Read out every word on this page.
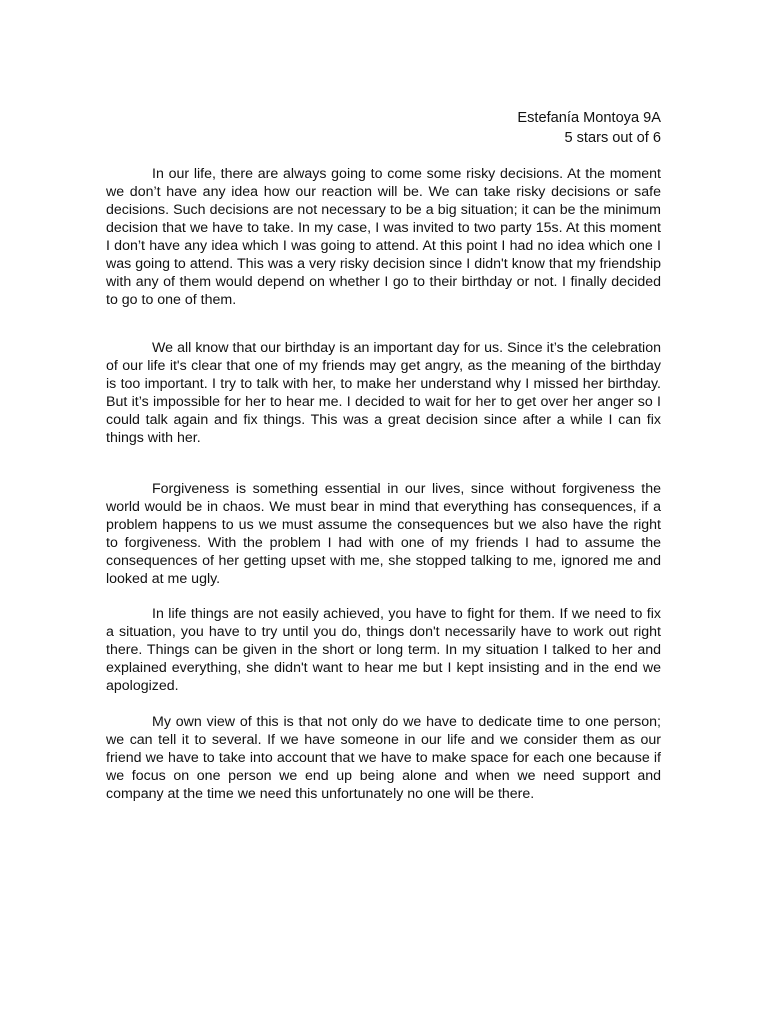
Estefanía Montoya 9A
5 stars out of 6

In our life, there are always going to come some risky decisions. At the moment we don’t have any idea how our reaction will be. We can take risky decisions or safe decisions. Such decisions are not necessary to be a big situation; it can be the minimum decision that we have to take. In my case, I was invited to two party 15s. At this moment I don’t have any idea which I was going to attend. At this point I had no idea which one I was going to attend. This was a very risky decision since I didn't know that my friendship with any of them would depend on whether I go to their birthday or not. I finally decided to go to one of them.

We all know that our birthday is an important day for us. Since it’s the celebration of our life it's clear that one of my friends may get angry, as the meaning of the birthday is too important. I try to talk with her, to make her understand why I missed her birthday. But it’s impossible for her to hear me. I decided to wait for her to get over her anger so I could talk again and fix things. This was a great decision since after a while I can fix things with her.

Forgiveness is something essential in our lives, since without forgiveness the world would be in chaos. We must bear in mind that everything has consequences, if a problem happens to us we must assume the consequences but we also have the right to forgiveness. With the problem I had with one of my friends I had to assume the consequences of her getting upset with me, she stopped talking to me, ignored me and looked at me ugly.

In life things are not easily achieved, you have to fight for them. If we need to fix a situation, you have to try until you do, things don't necessarily have to work out right there. Things can be given in the short or long term. In my situation I talked to her and explained everything, she didn't want to hear me but I kept insisting and in the end we apologized.

My own view of this is that not only do we have to dedicate time to one person; we can tell it to several. If we have someone in our life and we consider them as our friend we have to take into account that we have to make space for each one because if we focus on one person we end up being alone and when we need support and company at the time we need this unfortunately no one will be there.
